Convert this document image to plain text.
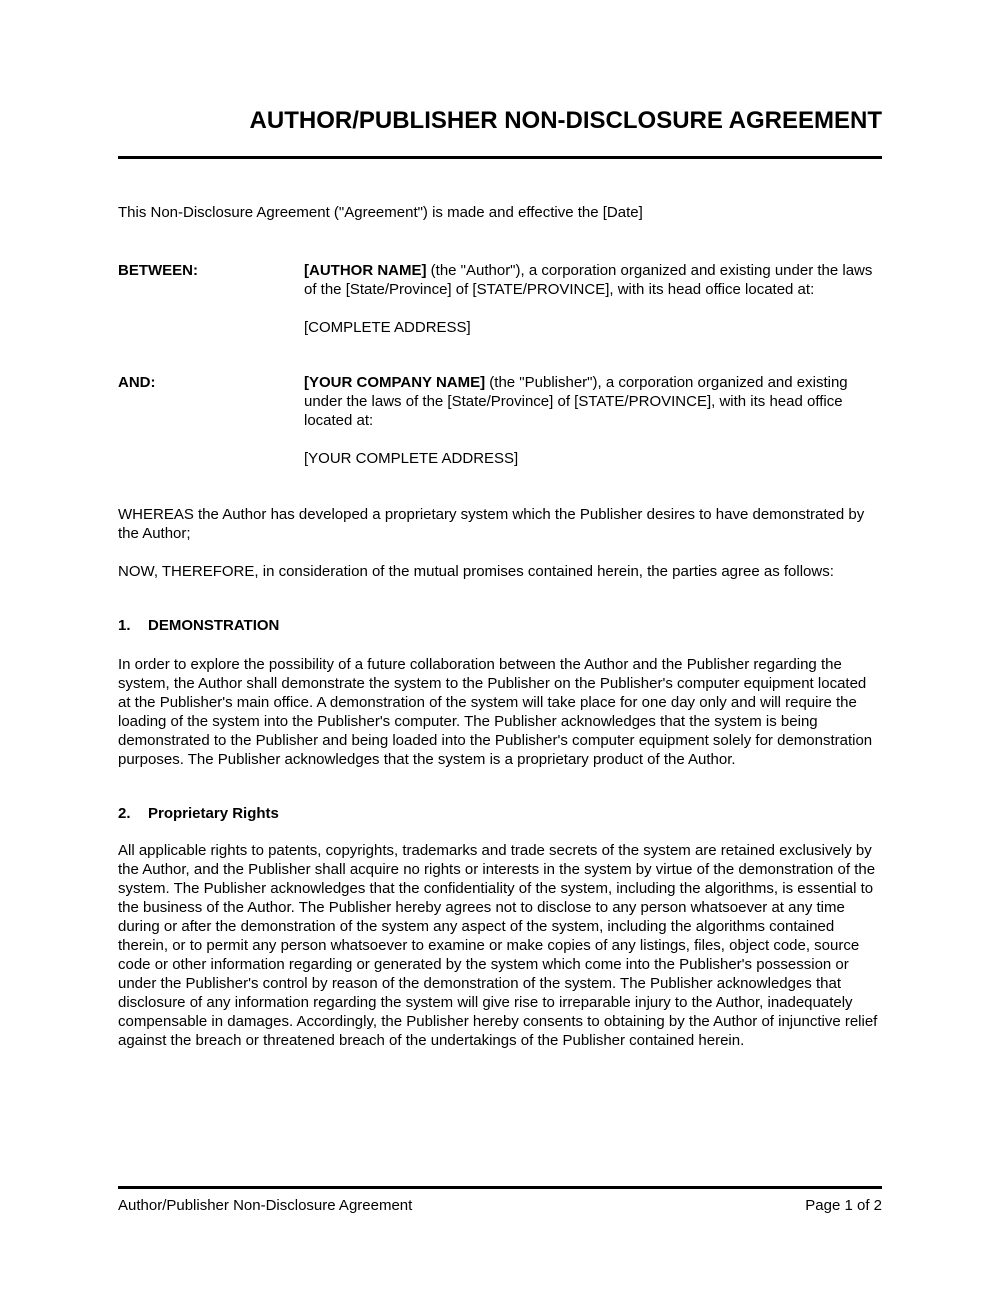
AUTHOR/PUBLISHER NON-DISCLOSURE AGREEMENT

This Non-Disclosure Agreement ("Agreement") is made and effective the [Date]

BETWEEN:	[AUTHOR NAME] (the "Author"), a corporation organized and existing under the laws of the [State/Province] of [STATE/PROVINCE], with its head office located at:

[COMPLETE ADDRESS]

AND:	[YOUR COMPANY NAME] (the "Publisher"), a corporation organized and existing under the laws of the [State/Province] of [STATE/PROVINCE], with its head office located at:

[YOUR COMPLETE ADDRESS]

WHEREAS the Author has developed a proprietary system which the Publisher desires to have demonstrated by the Author;

NOW, THEREFORE, in consideration of the mutual promises contained herein, the parties agree as follows:

1.	DEMONSTRATION

In order to explore the possibility of a future collaboration between the Author and the Publisher regarding the system, the Author shall demonstrate the system to the Publisher on the Publisher's computer equipment located at the Publisher's main office. A demonstration of the system will take place for one day only and will require the loading of the system into the Publisher's computer. The Publisher acknowledges that the system is being demonstrated to the Publisher and being loaded into the Publisher's computer equipment solely for demonstration purposes. The Publisher acknowledges that the system is a proprietary product of the Author.

2.	Proprietary Rights

All applicable rights to patents, copyrights, trademarks and trade secrets of the system are retained exclusively by the Author, and the Publisher shall acquire no rights or interests in the system by virtue of the demonstration of the system. The Publisher acknowledges that the confidentiality of the system, including the algorithms, is essential to the business of the Author. The Publisher hereby agrees not to disclose to any person whatsoever at any time during or after the demonstration of the system any aspect of the system, including the algorithms contained therein, or to permit any person whatsoever to examine or make copies of any listings, files, object code, source code or other information regarding or generated by the system which come into the Publisher's possession or under the Publisher's control by reason of the demonstration of the system. The Publisher acknowledges that disclosure of any information regarding the system will give rise to irreparable injury to the Author, inadequately compensable in damages. Accordingly, the Publisher hereby consents to obtaining by the Author of injunctive relief against the breach or threatened breach of the undertakings of the Publisher contained herein.

Author/Publisher Non-Disclosure Agreement	Page 1 of 2
